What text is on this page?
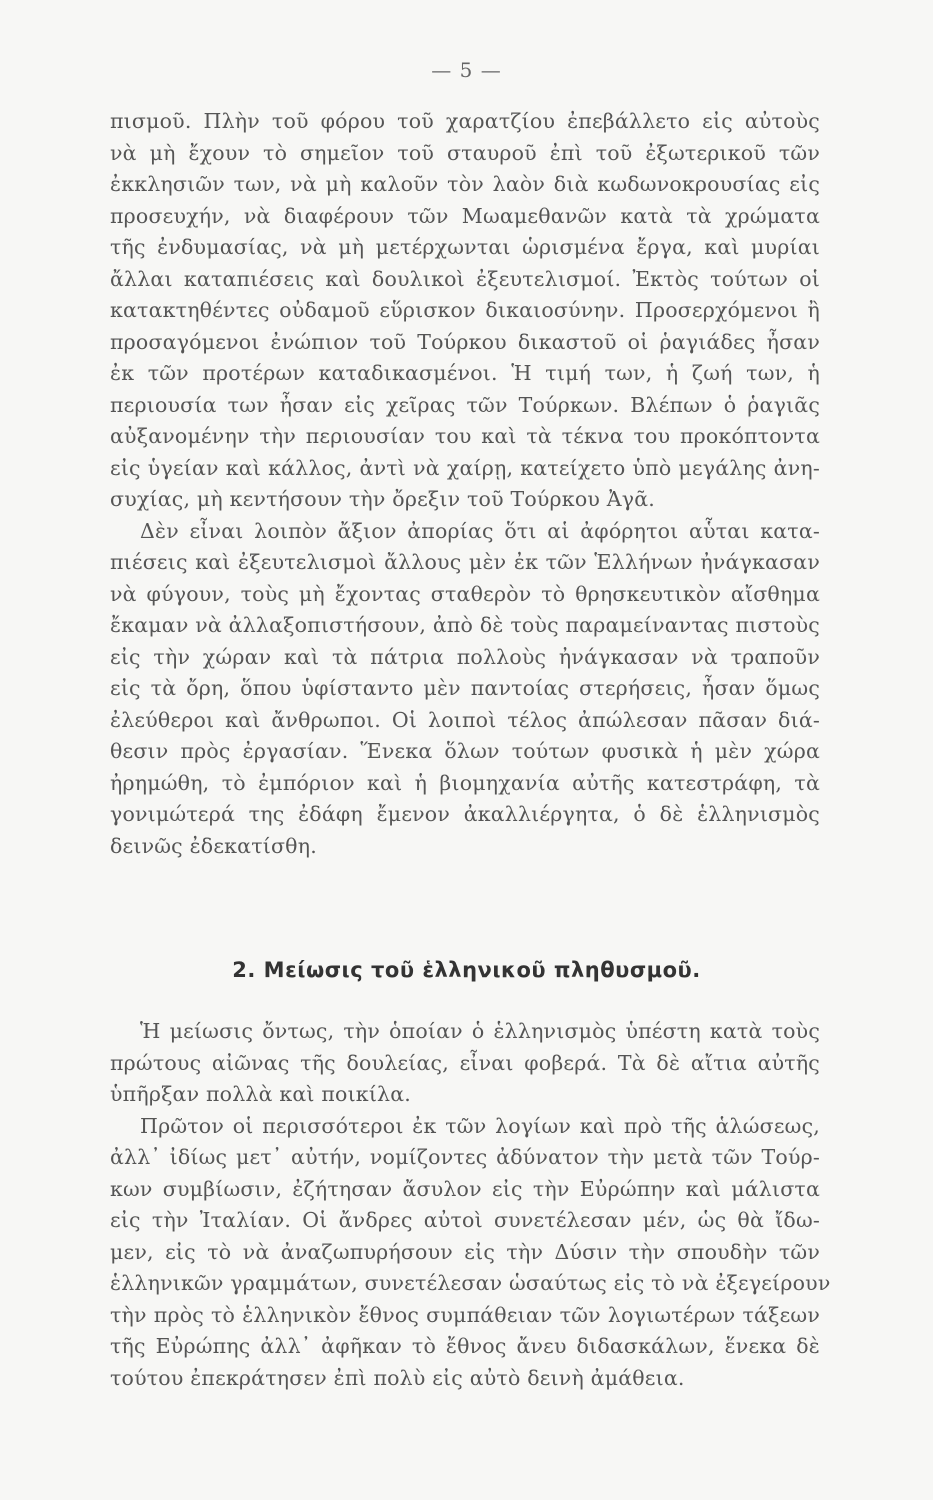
— 5 —
πισμοῦ. Πλὴν τοῦ φόρου τοῦ χαρατζίου ἐπεβάλλετο εἰς αὐτοὺς
νὰ μὴ ἔχουν τὸ σημεῖον τοῦ σταυροῦ ἐπὶ τοῦ ἐξωτερικοῦ τῶν
ἐκκλησιῶν των, νὰ μὴ καλοῦν τὸν λαὸν διὰ κωδωνοκρουσίας εἰς
προσευχήν, νὰ διαφέρουν τῶν Μωαμεθανῶν κατὰ τὰ χρώματα
τῆς ἐνδυμασίας, νὰ μὴ μετέρχωνται ὡρισμένα ἔργα, καὶ μυρίαι
ἄλλαι καταπιέσεις καὶ δουλικοὶ ἐξευτελισμοί. Ἐκτὸς τούτων οἱ
κατακτηθέντες οὐδαμοῦ εὕρισκον δικαιοσύνην. Προσερχόμενοι ἢ
προσαγόμενοι ἐνώπιον τοῦ Τούρκου δικαστοῦ οἱ ῥαγιάδες ἦσαν
ἐκ τῶν προτέρων καταδικασμένοι. Ἡ τιμή των, ἡ ζωή των, ἡ
περιουσία των ἦσαν εἰς χεῖρας τῶν Τούρκων. Βλέπων ὁ ῥαγιᾶς
αὐξανομένην τὴν περιουσίαν του καὶ τὰ τέκνα του προκόπτοντα
εἰς ὑγείαν καὶ κάλλος, ἀντὶ νὰ χαίρῃ, κατείχετο ὑπὸ μεγάλης ἀνη-
συχίας, μὴ κεντήσουν τὴν ὄρεξιν τοῦ Τούρκου Ἀγᾶ.
Δὲν εἶναι λοιπὸν ἄξιον ἀπορίας ὅτι αἱ ἀφόρητοι αὗται κατα-
πιέσεις καὶ ἐξευτελισμοὶ ἄλλους μὲν ἐκ τῶν Ἑλλήνων ἠνάγκασαν
νὰ φύγουν, τοὺς μὴ ἔχοντας σταθερὸν τὸ θρησκευτικὸν αἴσθημα
ἔκαμαν νὰ ἀλλαξοπιστήσουν, ἀπὸ δὲ τοὺς παραμείναντας πιστοὺς
εἰς τὴν χώραν καὶ τὰ πάτρια πολλοὺς ἠνάγκασαν νὰ τραποῦν
εἰς τὰ ὄρη, ὅπου ὑφίσταντο μὲν παντοίας στερήσεις, ἦσαν ὅμως
ἐλεύθεροι καὶ ἄνθρωποι. Οἱ λοιποὶ τέλος ἀπώλεσαν πᾶσαν διά-
θεσιν πρὸς ἐργασίαν. Ἕνεκα ὅλων τούτων φυσικὰ ἡ μὲν χώρα
ἠρημώθη, τὸ ἐμπόριον καὶ ἡ βιομηχανία αὐτῆς κατεστράφη, τὰ
γονιμώτερά της ἐδάφη ἔμενον ἀκαλλιέργητα, ὁ δὲ ἑλληνισμὸς
δεινῶς ἐδεκατίσθη.
2. Μείωσις τοῦ ἑλληνικοῦ πληθυσμοῦ.
Ἡ μείωσις ὄντως, τὴν ὁποίαν ὁ ἑλληνισμὸς ὑπέστη κατὰ τοὺς
πρώτους αἰῶνας τῆς δουλείας, εἶναι φοβερά. Τὰ δὲ αἴτια αὐτῆς
ὑπῆρξαν πολλὰ καὶ ποικίλα.
Πρῶτον οἱ περισσότεροι ἐκ τῶν λογίων καὶ πρὸ τῆς ἁλώσεως,
ἀλλ᾽ ἰδίως μετ᾽ αὐτήν, νομίζοντες ἀδύνατον τὴν μετὰ τῶν Τούρ-
κων συμβίωσιν, ἐζήτησαν ἄσυλον εἰς τὴν Εὐρώπην καὶ μάλιστα
εἰς τὴν Ἰταλίαν. Οἱ ἄνδρες αὐτοὶ συνετέλεσαν μέν, ὡς θὰ ἴδω-
μεν, εἰς τὸ νὰ ἀναζωπυρήσουν εἰς τὴν Δύσιν τὴν σπουδὴν τῶν
ἑλληνικῶν γραμμάτων, συνετέλεσαν ὡσαύτως εἰς τὸ νὰ ἐξεγείρουν
τὴν πρὸς τὸ ἑλληνικὸν ἔθνος συμπάθειαν τῶν λογιωτέρων τάξεων
τῆς Εὐρώπης ἀλλ᾽ ἀφῆκαν τὸ ἔθνος ἄνευ διδασκάλων, ἕνεκα δὲ
τούτου ἐπεκράτησεν ἐπὶ πολὺ εἰς αὐτὸ δεινὴ ἀμάθεια.
